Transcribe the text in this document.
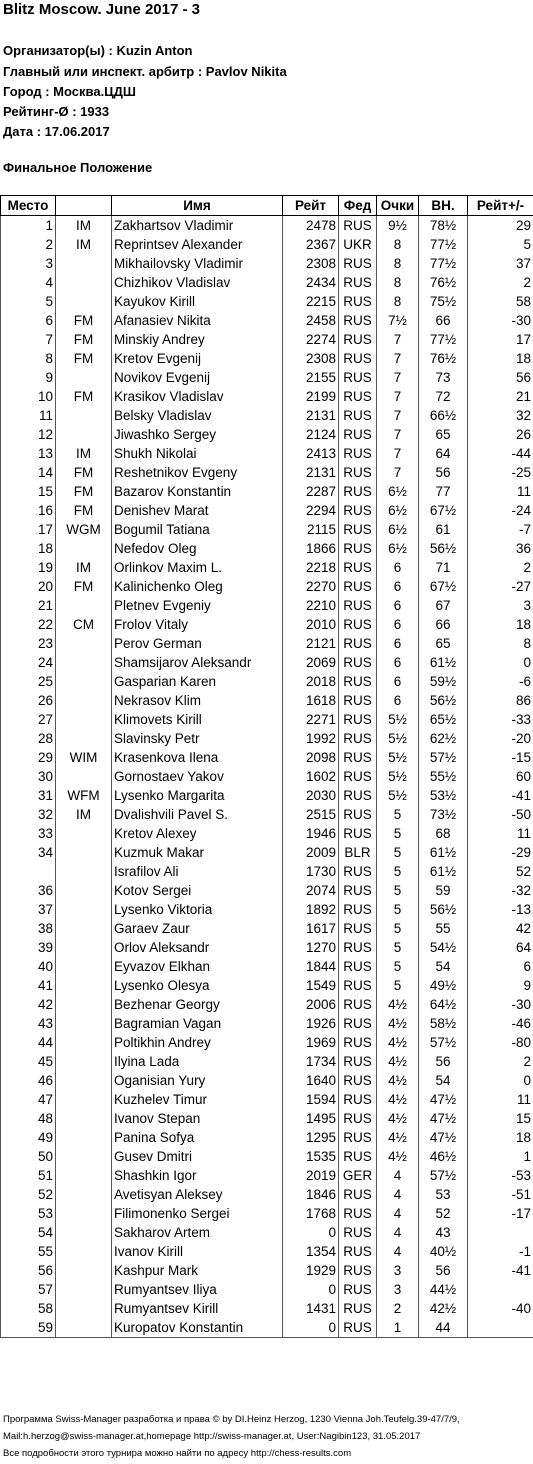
Blitz Moscow. June 2017 - 3
Организатор(ы) : Kuzin Anton
Главный или инспект. арбитр : Pavlov Nikita
Город : Москва.ЦДШ
Рейтинг-Ø : 1933
Дата : 17.06.2017
Финальное Положение
Место		Имя	Рейт	Фед	Очки	ВН.	Рейт+/-
1	IM	Zakhartsov Vladimir	2478	RUS	9½	78½	29
2	IM	Reprintsev Alexander	2367	UKR	8	77½	5
3		Mikhailovsky Vladimir	2308	RUS	8	77½	37
4		Chizhikov Vladislav	2434	RUS	8	76½	2
5		Kayukov Kirill	2215	RUS	8	75½	58
6	FM	Afanasiev Nikita	2458	RUS	7½	66	-30
7	FM	Minskiy Andrey	2274	RUS	7	77½	17
8	FM	Kretov Evgenij	2308	RUS	7	76½	18
9		Novikov Evgenij	2155	RUS	7	73	56
10	FM	Krasikov Vladislav	2199	RUS	7	72	21
11		Belsky Vladislav	2131	RUS	7	66½	32
12		Jiwashko Sergey	2124	RUS	7	65	26
13	IM	Shukh Nikolai	2413	RUS	7	64	-44
14	FM	Reshetnikov Evgeny	2131	RUS	7	56	-25
15	FM	Bazarov Konstantin	2287	RUS	6½	77	11
16	FM	Denishev Marat	2294	RUS	6½	67½	-24
17	WGM	Bogumil Tatiana	2115	RUS	6½	61	-7
18		Nefedov Oleg	1866	RUS	6½	56½	36
19	IM	Orlinkov Maxim L.	2218	RUS	6	71	2
20	FM	Kalinichenko Oleg	2270	RUS	6	67½	-27
21		Pletnev Evgeniy	2210	RUS	6	67	3
22	CM	Frolov Vitaly	2010	RUS	6	66	18
23		Perov German	2121	RUS	6	65	8
24		Shamsijarov Aleksandr	2069	RUS	6	61½	0
25		Gasparian Karen	2018	RUS	6	59½	-6
26		Nekrasov Klim	1618	RUS	6	56½	86
27		Klimovets Kirill	2271	RUS	5½	65½	-33
28		Slavinsky Petr	1992	RUS	5½	62½	-20
29	WIM	Krasenkova Ilena	2098	RUS	5½	57½	-15
30		Gornostaev Yakov	1602	RUS	5½	55½	60
31	WFM	Lysenko Margarita	2030	RUS	5½	53½	-41
32	IM	Dvalishvili Pavel S.	2515	RUS	5	73½	-50
33		Kretov Alexey	1946	RUS	5	68	11
34		Kuzmuk Makar	2009	BLR	5	61½	-29
		Israfilov Ali	1730	RUS	5	61½	52
36		Kotov Sergei	2074	RUS	5	59	-32
37		Lysenko Viktoria	1892	RUS	5	56½	-13
38		Garaev Zaur	1617	RUS	5	55	42
39		Orlov Aleksandr	1270	RUS	5	54½	64
40		Eyvazov Elkhan	1844	RUS	5	54	6
41		Lysenko Olesya	1549	RUS	5	49½	9
42		Bezhenar Georgy	2006	RUS	4½	64½	-30
43		Bagramian Vagan	1926	RUS	4½	58½	-46
44		Poltikhin Andrey	1969	RUS	4½	57½	-80
45		Ilyina Lada	1734	RUS	4½	56	2
46		Oganisian Yury	1640	RUS	4½	54	0
47		Kuzhelev Timur	1594	RUS	4½	47½	11
48		Ivanov Stepan	1495	RUS	4½	47½	15
49		Panina Sofya	1295	RUS	4½	47½	18
50		Gusev Dmitri	1535	RUS	4½	46½	1
51		Shashkin Igor	2019	GER	4	57½	-53
52		Avetisyan Aleksey	1846	RUS	4	53	-51
53		Filimonenko Sergei	1768	RUS	4	52	-17
54		Sakharov Artem	0	RUS	4	43	
55		Ivanov Kirill	1354	RUS	4	40½	-1
56		Kashpur Mark	1929	RUS	3	56	-41
57		Rumyantsev Iliya	0	RUS	3	44½	
58		Rumyantsev Kirill	1431	RUS	2	42½	-40
59		Kuropatov Konstantin	0	RUS	1	44	
Программа Swiss-Manager разработка и права © by DI.Heinz Herzog, 1230 Vienna Joh.Teufelg.39-47/7/9,
Mail:h.herzog@swiss-manager.at,homepage http://swiss-manager.at, User:Nagibin123, 31.05.2017
Все подробности этого турнира можно найти по адресу http://chess-results.com
